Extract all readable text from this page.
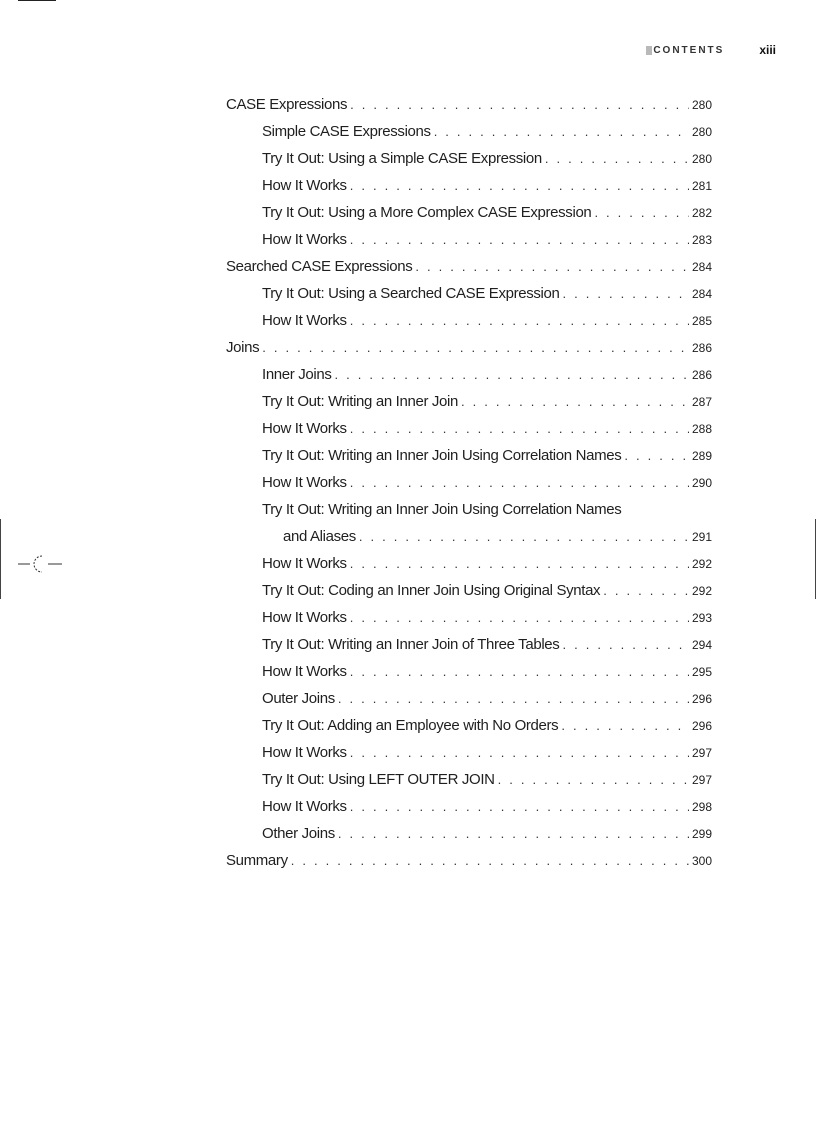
CONTENTS	xiii
CASE Expressions . . .	280
Simple CASE Expressions . . .	280
Try It Out: Using a Simple CASE Expression . . .	280
How It Works . . .	281
Try It Out: Using a More Complex CASE Expression . . .	282
How It Works . . .	283
Searched CASE Expressions . . .	284
Try It Out: Using a Searched CASE Expression . . .	284
How It Works . . .	285
Joins . . .	286
Inner Joins . . .	286
Try It Out: Writing an Inner Join . . .	287
How It Works . . .	288
Try It Out: Writing an Inner Join Using Correlation Names . . .	289
How It Works . . .	290
Try It Out: Writing an Inner Join Using Correlation Names
and Aliases . . .	291
How It Works . . .	292
Try It Out: Coding an Inner Join Using Original Syntax . . .	292
How It Works . . .	293
Try It Out: Writing an Inner Join of Three Tables . . .	294
How It Works . . .	295
Outer Joins . . .	296
Try It Out: Adding an Employee with No Orders . . .	296
How It Works . . .	297
Try It Out: Using LEFT OUTER JOIN . . .	297
How It Works . . .	298
Other Joins . . .	299
Summary . . .	300
